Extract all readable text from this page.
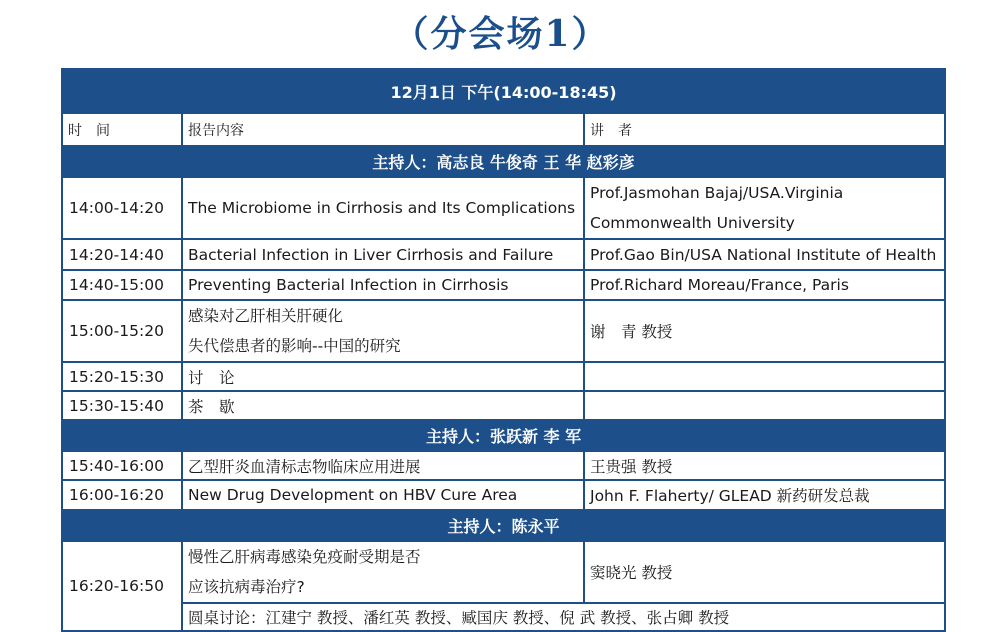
（分会场1）
12月1日 下午(14:00-18:45)		
时　间	报告内容	讲　者
主持人：高志良 牛俊奇 王 华 赵彩彦		
14:00-14:20	The Microbiome in Cirrhosis and Its Complications	Prof.Jasmohan Bajaj/USA.Virginia
Commonwealth University

14:20-14:40	Bacterial Infection in Liver Cirrhosis and Failure	Prof.Gao Bin/USA National Institute of Health
14:40-15:00	Preventing Bacterial Infection in Cirrhosis	Prof.Richard Moreau/France, Paris
15:00-15:20	感染对乙肝相关肝硬化
失代偿患者的影响--中国的研究	谢　青 教授
15:20-15:30	讨　论	
15:30-15:40	茶　歇	
主持人：张跃新 李 军		
15:40-16:00	乙型肝炎血清标志物临床应用进展	王贵强 教授
16:00-16:20	New Drug Development on HBV Cure Area	John F. Flaherty/ GLEAD 新药研发总裁
主持人：陈永平		
16:20-16:50	慢性乙肝病毒感染免疫耐受期是否
应该抗病毒治疗?	窦晓光 教授
	圆桌讨论：江建宁 教授、潘红英 教授、臧国庆 教授、倪 武 教授、张占卿 教授	
